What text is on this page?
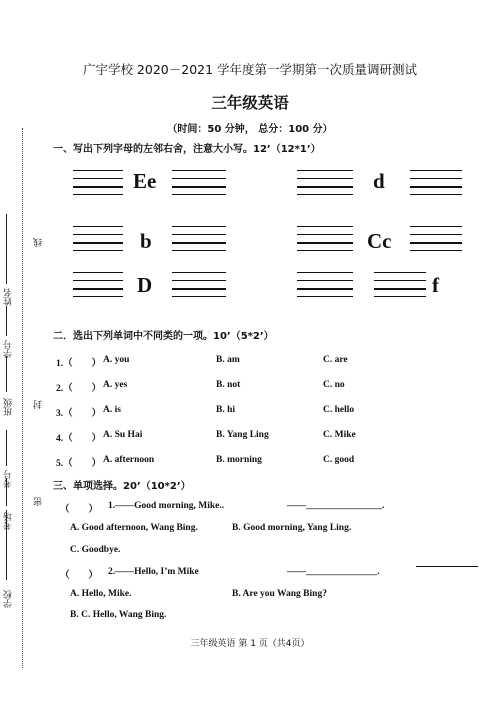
学校
考场
考号
班级
学号
姓名
密
封
线
广宇学校 2020－2021 学年度第一学期第一次质量调研测试
三年级英语
（时间：50 分钟， 总分：100 分）
一、写出下列字母的左邻右舍，注意大小写。12’（12*1’）
Ee	d
b	Cc
D	f
二．选出下列单词中不同类的一项。10’（5*2’）
1.（　　） A. you	B. am	C. are
2.（　　） A. yes	B. not	C. no
3.（　　） A. is	B. hi	C. hello
4.（　　） A. Su Hai	B. Yang Ling	C. Mike
5.（　　） A. afternoon	B. morning	C. good
三、单项选择。20’（10*2’）
（　　） 1.——Good morning, Mike..	——________________.
A. Good afternoon, Wang Bing.	B. Good morning, Yang Ling.
C. Goodbye.
（　　） 2.——Hello, I’m Mike	——_______________.
A. Hello, Mike.	B. Are you Wang Bing?
B. C. Hello, Wang Bing.
三年级英语 第 1 页（共4页）
